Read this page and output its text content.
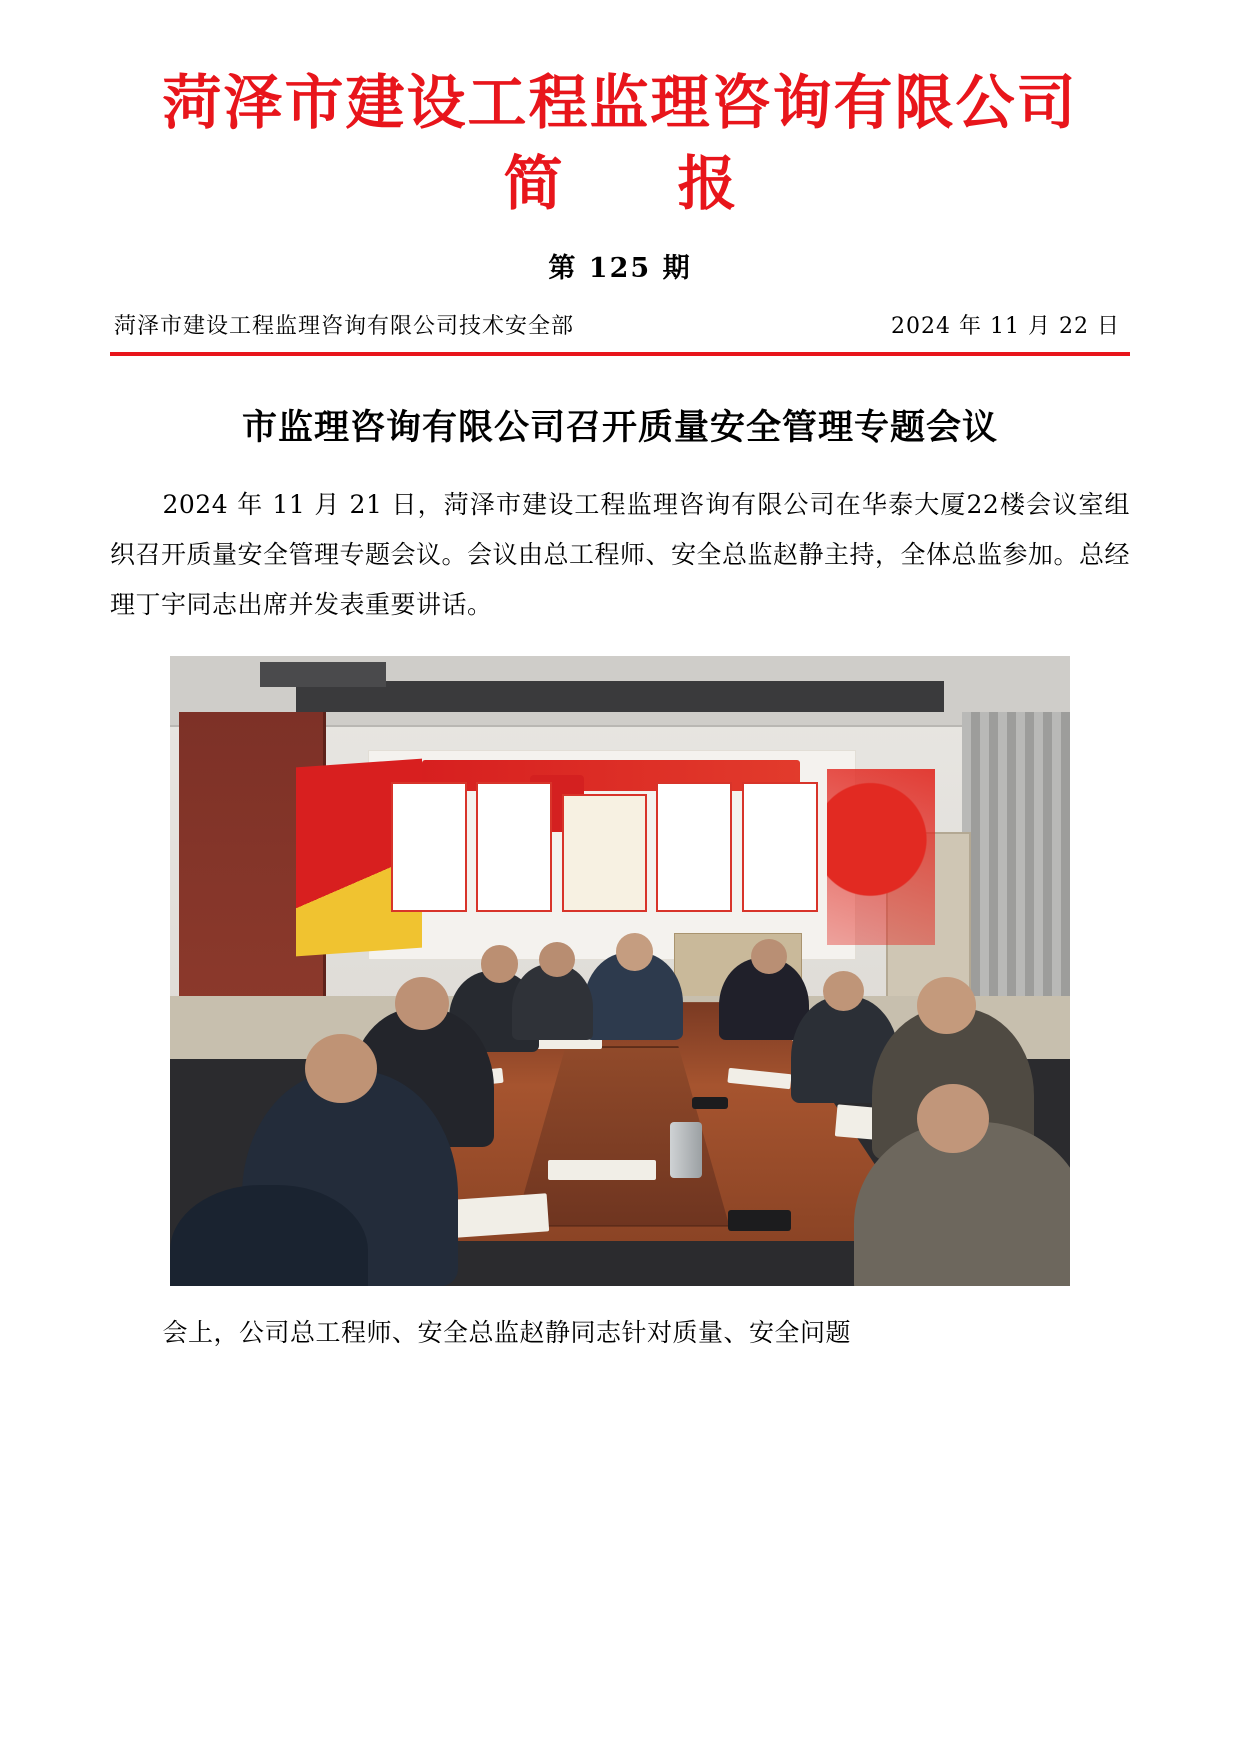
菏泽市建设工程监理咨询有限公司
简　报
第 125 期
菏泽市建设工程监理咨询有限公司技术安全部	2024 年 11 月 22 日
市监理咨询有限公司召开质量安全管理专题会议
2024 年 11 月 21 日，菏泽市建设工程监理咨询有限公司在华泰大厦22楼会议室组织召开质量安全管理专题会议。会议由总工程师、安全总监赵静主持，全体总监参加。总经理丁宇同志出席并发表重要讲话。
会上，公司总工程师、安全总监赵静同志针对质量、安全问题
